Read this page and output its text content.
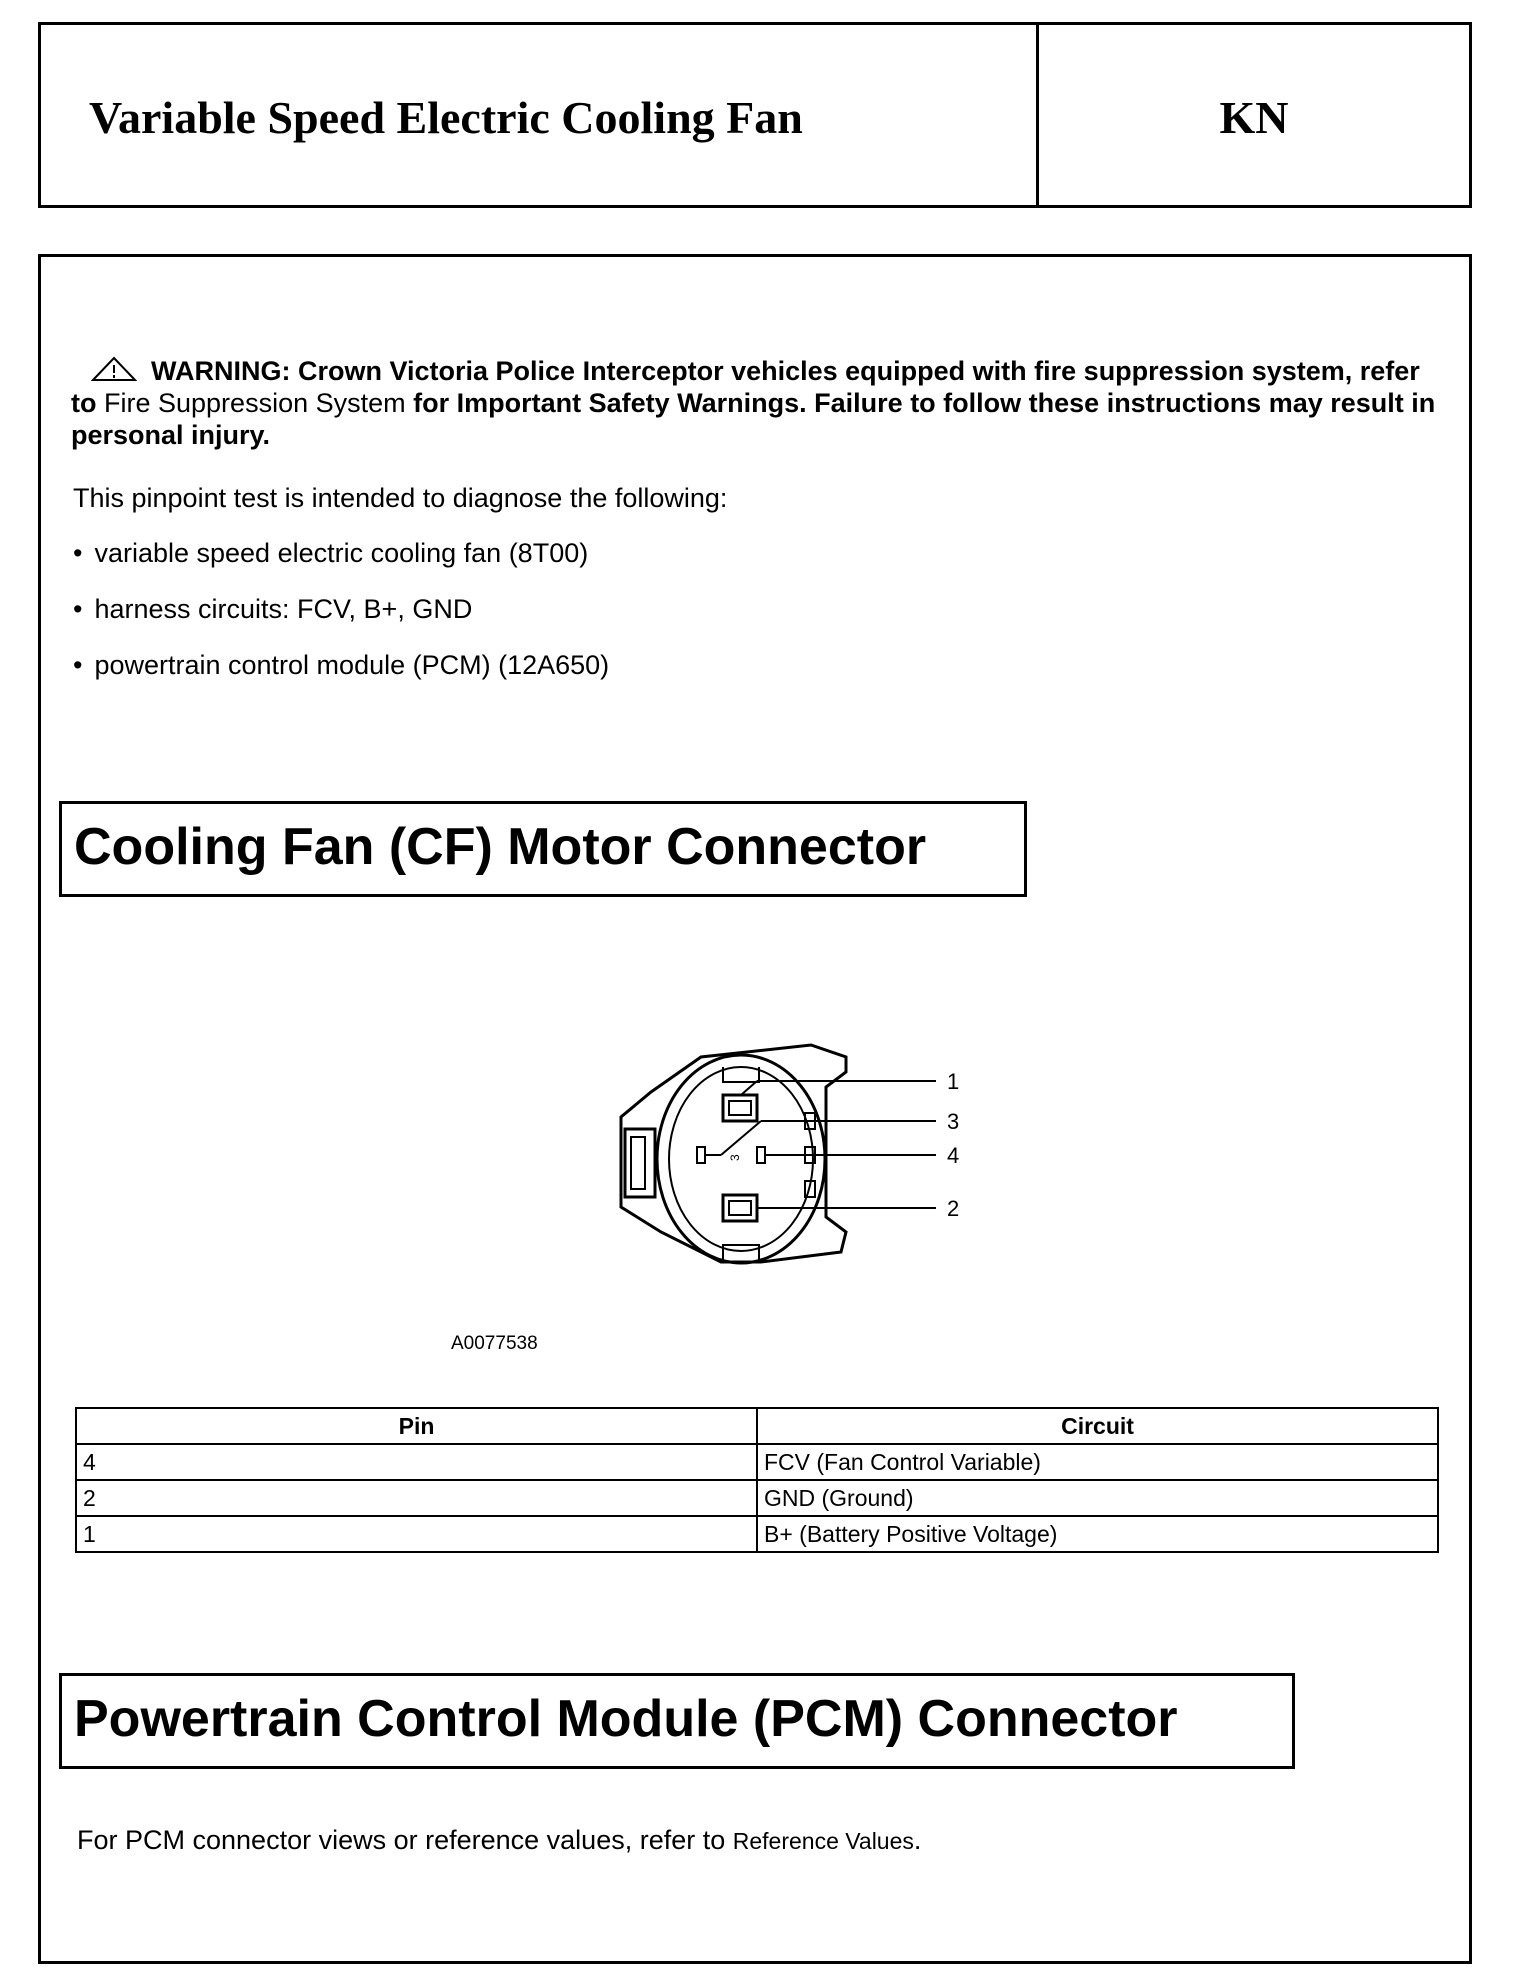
Variable Speed Electric Cooling Fan	KN
WARNING: Crown Victoria Police Interceptor vehicles equipped with fire suppression system, refer to Fire Suppression System for Important Safety Warnings. Failure to follow these instructions may result in personal injury.
This pinpoint test is intended to diagnose the following:
• variable speed electric cooling fan (8T00)
• harness circuits: FCV, B+, GND
• powertrain control module (PCM) (12A650)
Cooling Fan (CF) Motor Connector
3
1
3
4
2
A0077538
Pin	Circuit
4	FCV (Fan Control Variable)
2	GND (Ground)
1	B+ (Battery Positive Voltage)
Powertrain Control Module (PCM) Connector
For PCM connector views or reference values, refer to Reference Values.
